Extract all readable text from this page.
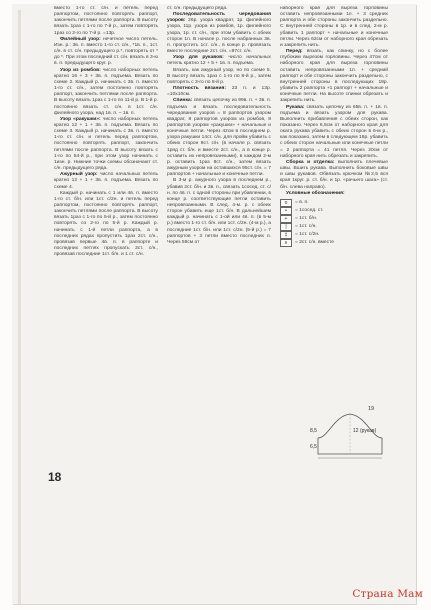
вместо 1-го ст. с/н. и петель перед раппортом, постоянно повторять раппорт, закончить петлями после раппорта. В высоту вязать 1раз с 1-го по 7-й р., затем повторять 1раз со 2-го по 7-й р. =13р.

Филейный узор: нечетное число петель. Изн. р.: 3в. п. вместо 1-го ст. с/н., *1в. п., 1ст. с/н. в ст. с/н. предыдущего р.*, повторять от * до *. При этом последний ст. с/н. вязать в 3-ю в. п. предыдущего круг. р.

Узор из ромбов: число наборных петель кратно 16 + 3 + 3в. п. подъема. Вязать по схеме 2. Каждый р. начинать с 3в. п. вместо 1-го ст. с/н., затем постоянно повторять раппорт, закончить петлями после раппорта. В высоту вязать 1раз с 1-го по 11-й р. В 1-й р. постоянно вязать ст. с/н. в 1ст. с/н. филейного узора, над 1в. п. – 1в. п.

Узор «ракушки»: число наборных петель кратно 12 + 1 + 3в. п. подъема. Вязать по схеме 3. Каждый р. начинать с 3в. п. вместо 1-го ст. с/н. и петель перед раппортом, постоянно повторять раппорт, закончить петлями после раппорта. В высоту вязать с 1-го по 54-й р., при этом узор начинать с 1изн. р. Нижние точки схемы обозначают ст. с/н. предыдущего ряда.

Ажурный узор: число начальных петель кратно 12 + 1 + 3в. п. подъема. Вязать по схеме 4.

Каждый р. начинать с 1 или 4в. п. вместо 1-го ст. б/н. или 1ст. с/2н. и петель перед раппортом, постоянно повторять раппорт, закончить петлями после раппорта. В высоту вязать 1раз с 1-го по 5-й р., затем постоянно повторять со 2-го по 5-й р. Каждый р. начинать с 1-й петли раппорта, а в последних рядах пропустить 1раз 2ст. с/н., провязав первые 4в. п. в раппорте и последних петлях пропускать 3ст. с/н., провязав последние 1ст. б/н. и 1 ст. с/н.

ст. с/н. предыдущего ряда.

Последовательность чередования узоров: 26р. узора квадрат, 1р. филейного узора, 11р. узора из ромбов, 1р. филейного узора, 1р. ст. с/н., при этом убавить с обеих сторон 1п. В начале р. после набранных 3в. п. пропустить 1ст. с/н., в конце р. провязать вместе последние 2ст. с/н. =97ст. с/н.

Узор для рукавов: число начальных петель кратно 12 + 5 + 1в. п. подъема.

Вязать, как ажурный узор, но по схеме 5. В высоту вязать 1раз с 1-го по 8-й р., затем повторять с 3-го по 8-й р.

Плотность вязания: 23 п. и 13р. =10х10см.

Спинка: связать цепочку из 99в. п. + 3в. п. подъема и вязать последовательность чередования узоров = 8 раппортов узором квадрат, 8 раппортов узором из ромбов, 8 раппортов узором «ракушки» + начальные и конечные петли. Через 42см в последнем р. узора ракушки 14ст. с/н. для пройм убавить с обеих сторон 8ст. с/н. (в начале р. связать 1ряд ст. б/н. и вместе 2ст. с/н., а в конце р. оставить их непровязанными), в каждом 2-м р. оставить 1раз 8ст. с/н., затем вязать ажурным узором на оставшихся 95ст. с/н. = 7 раппортов + начальные и конечные петли.

В 3-м р. ажурного узора в последнем р., убавив 2ст. б/н. и 3в. п., связать 1сосед. ст. с/н. по 4в. п. с одной стороны при убавлении, в конце р. соответствующие петли оставить непровязанными. В след. 4-м. р. с обеих сторон убавить еще 1ст. б/н. В дальнейшем каждый р. начинать с 1-ой или 4в. п. (в 5-м р.) вместо 1-го ст. б/н. или 1ст. с/2н. (4-м р.), а последние 1ст. б/н. или 1ст. с/2н. (5-й р.) = 7 раппортов + 3 петли вместо последних п. Через 59см от

наборного края для выреза горловины оставить непровязанными 1п. + 3 средних раппорта и обе стороны закончить раздельно. С внутренней стороны в 1р. и в след. 2-м р. убавить 1 раппорт + начальные и конечные петли. Через 62см от наборного края обрезать и закрепить нить.

Перед: вязать, как спинку, но с более глубоким вырезом горловины. Через 47см от наборного края для выреза горловины оставить непровязанными 1п. + средний раппорт и обе стороны закончить раздельно, с внутренней стороны в последующих 19р. убавить 2 раппорта +1 раппорт + начальные и конечные петли. На высоте спинки обрезать и закрепить нить.

Рукава: связать цепочку из 65в. п. + 1в. п. подъема и вязать узором для рукава. Выполнить прибавления с обеих сторон, как показано. Через 6,5см от наборного края для оката рукава убавить с обеих сторон в 6-м р., как показано, затем в следующем 18р. убавить с обеих сторон начальные или конечные петли = 2 раппорта = 41 петля. Через 20см от наборного края нить обрезать и закрепить.

Сборка и отделка: выполнить плечевые швы. Вшить рукава. Выполнить боковые швы и швы рукавов. Обвязать крючком №2,5 вся края 1круг. р. ст. б/н. и 1р. «рачьего шага» (ст. б/н. слева направо).

Условные обозначения:

о	= в. п.
•	= 1сосед. ст.
+	= 1ст. б/н.
|	= 1ст. с/н.
‡	= 1ст. с/2н.
∧	= 2ст. с/н. вместе
19
12 (рукав)
8,5
6,5
18
Страна Мам
